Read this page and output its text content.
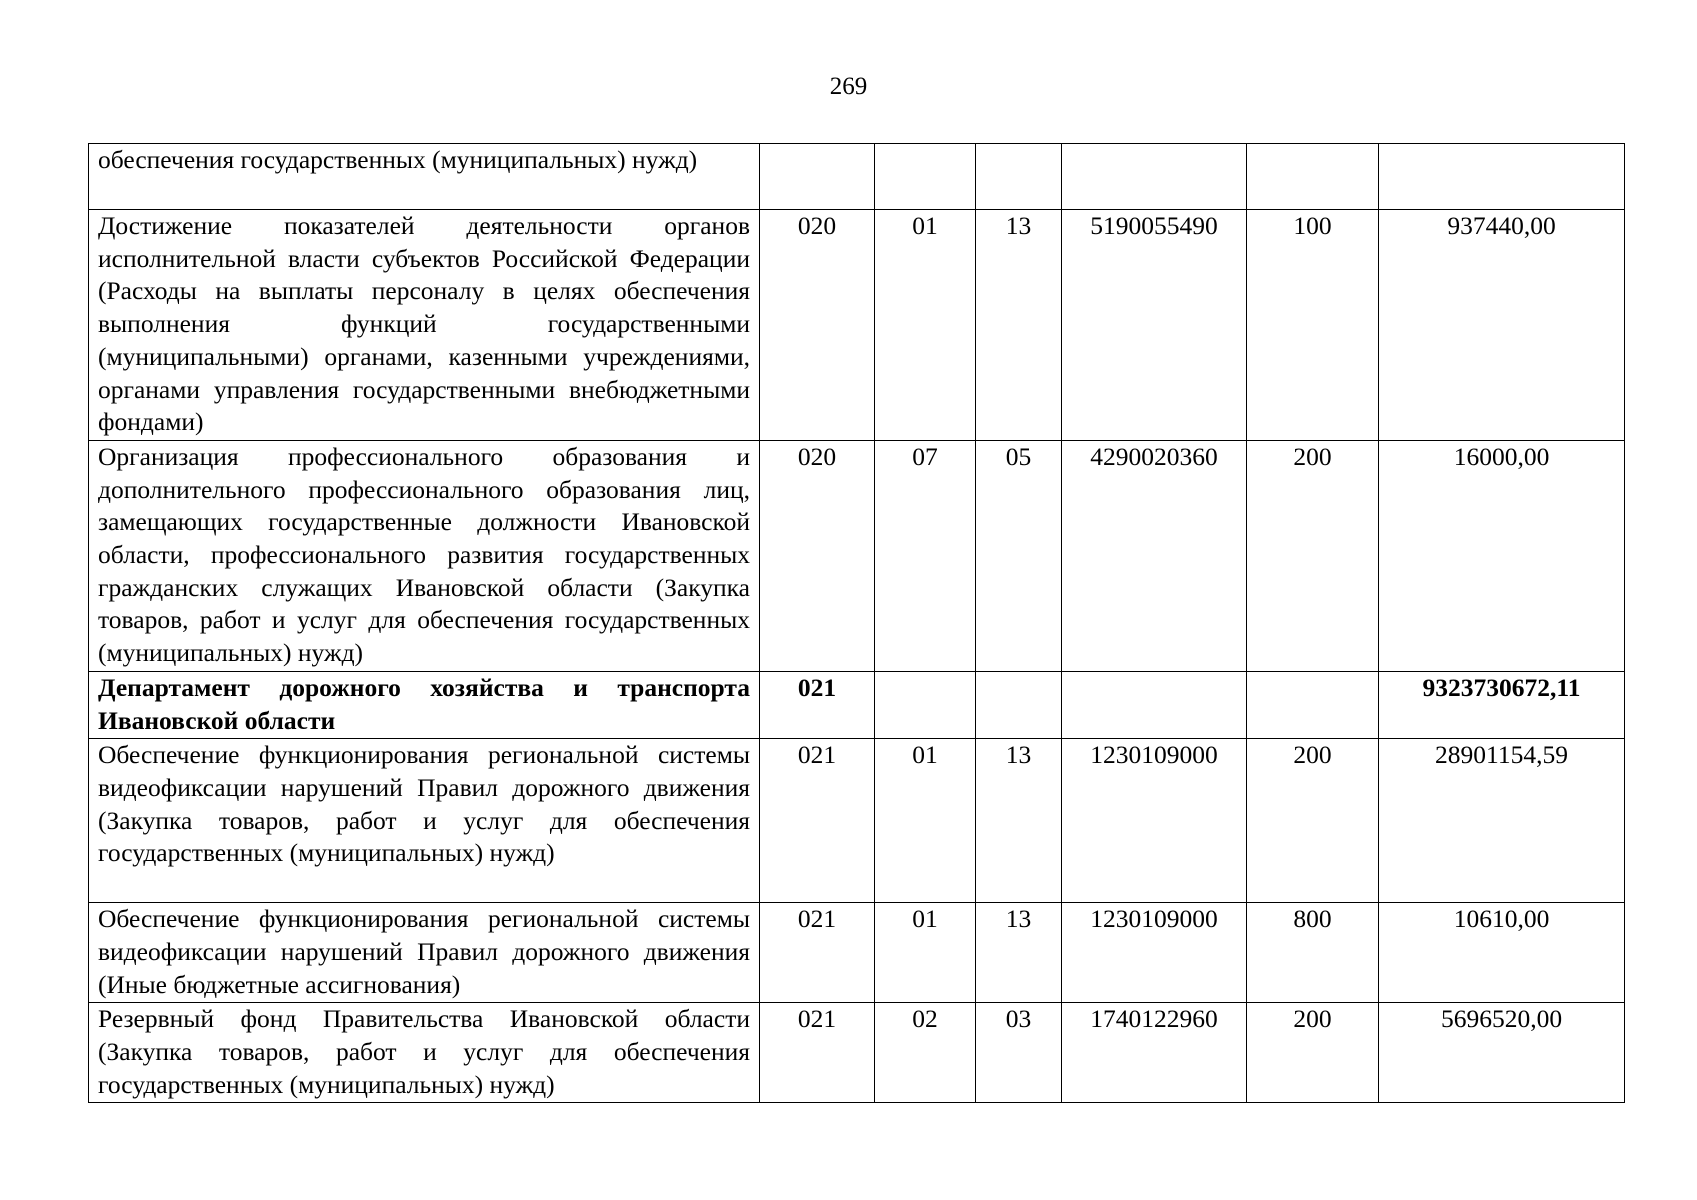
269
обеспечения государственных (муниципальных) нужд)						
Достижение показателей деятельности органов исполнительной власти субъектов Российской Федерации (Расходы на выплаты персоналу в целях обеспечения выполнения функций государственными (муниципальными) органами, казенными учреждениями, органами управления государственными внебюджетными фондами)	020	01	13	5190055490	100	937440,00
Организация профессионального образования и дополнительного профессионального образования лиц, замещающих государственные должности Ивановской области, профессионального развития государственных гражданских служащих Ивановской области (Закупка товаров, работ и услуг для обеспечения государственных (муниципальных) нужд)	020	07	05	4290020360	200	16000,00
Департамент дорожного хозяйства и транспорта Ивановской области	021					9323730672,11
Обеспечение функционирования региональной системы видеофиксации нарушений Правил дорожного движения (Закупка товаров, работ и услуг для обеспечения государственных (муниципальных) нужд)	021	01	13	1230109000	200	28901154,59
Обеспечение функционирования региональной системы видеофиксации нарушений Правил дорожного движения (Иные бюджетные ассигнования)	021	01	13	1230109000	800	10610,00
Резервный фонд Правительства Ивановской области (Закупка товаров, работ и услуг для обеспечения государственных (муниципальных) нужд)	021	02	03	1740122960	200	5696520,00
